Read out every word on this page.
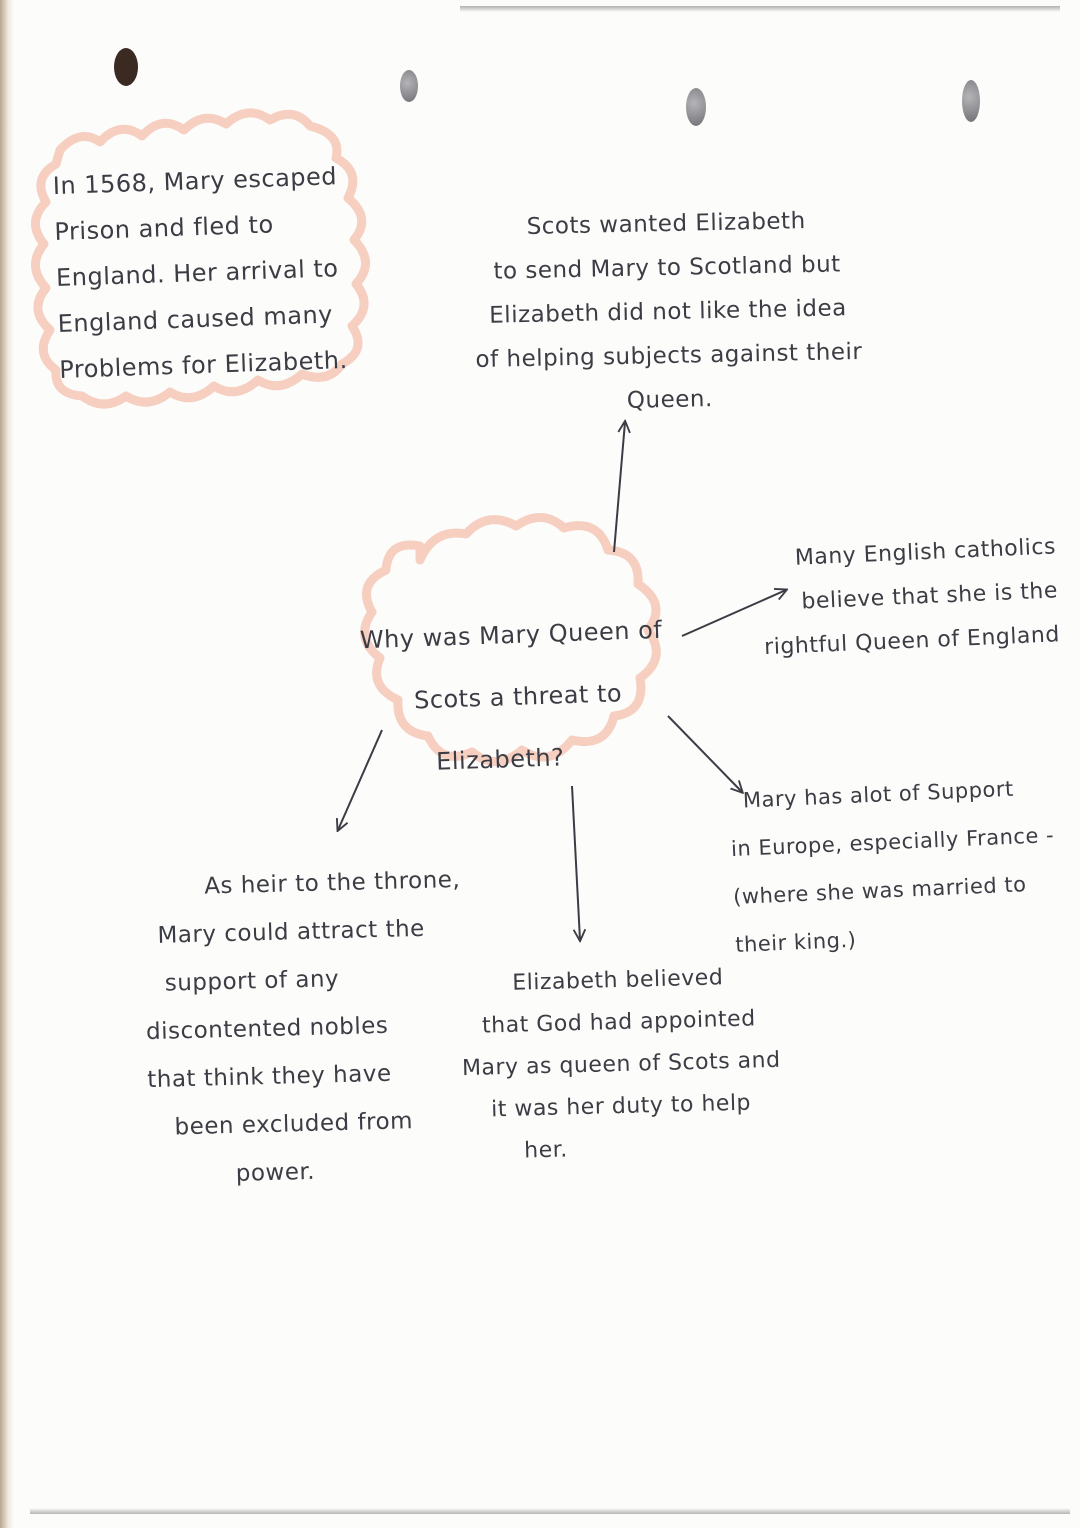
In 1568, Mary escaped
Prison and fled to
England. Her arrival to
England caused many
Problems for Elizabeth.
Scots wanted Elizabeth
to send Mary to Scotland but
Elizabeth did not like the idea
of helping subjects against their
Queen.
Why was Mary Queen of
Scots a threat to
Elizabeth?
Many English catholics
believe that she is the
rightful Queen of England
Mary has alot of Support
in Europe, especially France -
(where she was married to
their king.)
As heir to the throne,
Mary could attract the
support of any
discontented nobles
that think they have
been excluded from
power.
Elizabeth believed
that God had appointed
Mary as queen of Scots and
it was her duty to help
her.
